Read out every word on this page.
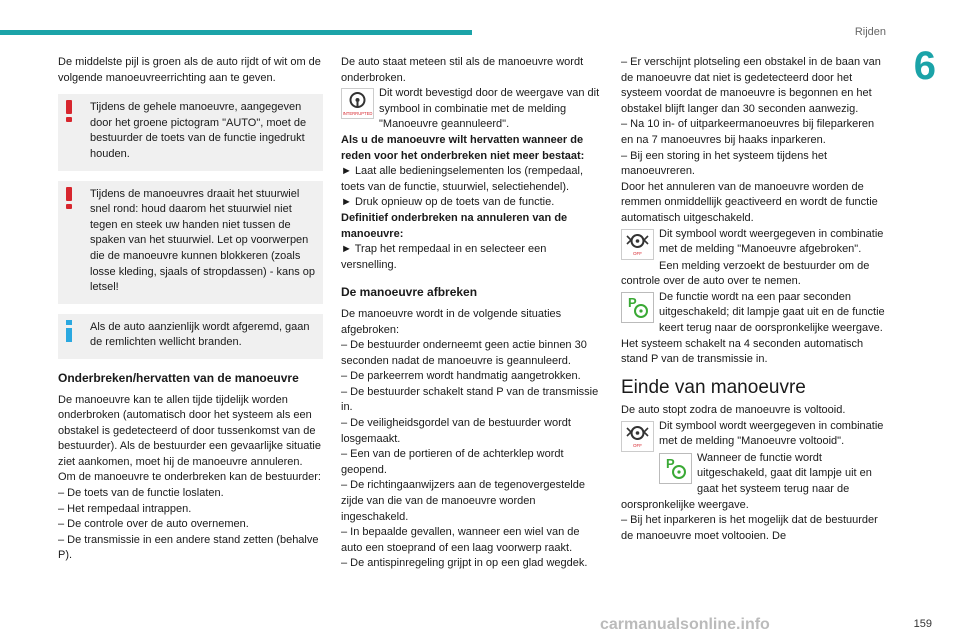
Rijden
6

De middelste pijl is groen als de auto rijdt of wit om de volgende manoeuvreerrichting aan te geven.

Tijdens de gehele manoeuvre, aangegeven door het groene pictogram "AUTO", moet de bestuurder de toets van de functie ingedrukt houden.
Tijdens de manoeuvres draait het stuurwiel snel rond: houd daarom het stuurwiel niet tegen en steek uw handen niet tussen de spaken van het stuurwiel. Let op voorwerpen die de manoeuvre kunnen blokkeren (zoals losse kleding, sjaals of stropdassen) - kans op letsel!
Als de auto aanzienlijk wordt afgeremd, gaan de remlichten wellicht branden.
Onderbreken/hervatten van de manoeuvre

De manoeuvre kan te allen tijde tijdelijk worden onderbroken (automatisch door het systeem als een obstakel is gedetecteerd of door tussenkomst van de bestuurder). Als de bestuurder een gevaarlijke situatie ziet aankomen, moet hij de manoeuvre annuleren.

Om de manoeuvre te onderbreken kan de bestuurder:

– De toets van de functie loslaten.

– Het rempedaal intrappen.

– De controle over de auto overnemen.

– De transmissie in een andere stand zetten (behalve P).

De auto staat meteen stil als de manoeuvre wordt onderbroken.

INTERRUPTED
Dit wordt bevestigd door de weergave van dit symbool in combinatie met de melding "Manoeuvre geannuleerd".

Als u de manoeuvre wilt hervatten wanneer de reden voor het onderbreken niet meer bestaat:

► Laat alle bedieningselementen los (rempedaal, toets van de functie, stuurwiel, selectiehendel).

► Druk opnieuw op de toets van de functie.

Definitief onderbreken na annuleren van de manoeuvre:

► Trap het rempedaal in en selecteer een versnelling.

De manoeuvre afbreken

De manoeuvre wordt in de volgende situaties afgebroken:

– De bestuurder onderneemt geen actie binnen 30 seconden nadat de manoeuvre is geannuleerd.

– De parkeerrem wordt handmatig aangetrokken.

– De bestuurder schakelt stand P van de transmissie in.

– De veiligheidsgordel van de bestuurder wordt losgemaakt.

– Een van de portieren of de achterklep wordt geopend.

– De richtingaanwijzers aan de tegenovergestelde zijde van die van de manoeuvre worden ingeschakeld.

– In bepaalde gevallen, wanneer een wiel van de auto een stoeprand of een laag voorwerp raakt.

– De antispinregeling grijpt in op een glad wegdek.

– Er verschijnt plotseling een obstakel in de baan van de manoeuvre dat niet is gedetecteerd door het systeem voordat de manoeuvre is begonnen en het obstakel blijft langer dan 30 seconden aanwezig.

– Na 10 in- of uitparkeermanoeuvres bij fileparkeren en na 7 manoeuvres bij haaks inparkeren.

– Bij een storing in het systeem tijdens het manoeuvreren.

Door het annuleren van de manoeuvre worden de remmen onmiddellijk geactiveerd en wordt de functie automatisch uitgeschakeld.

OFF
Dit symbool wordt weergegeven in combinatie met de melding "Manoeuvre afgebroken".

Een melding verzoekt de bestuurder om de controle over de auto over te nemen.

P De functie wordt na een paar seconden uitgeschakeld; dit lampje gaat uit en de functie keert terug naar de oorspronkelijke weergave.

Het systeem schakelt na 4 seconden automatisch stand P van de transmissie in.

Einde van manoeuvre

De auto stopt zodra de manoeuvre is voltooid.

OFF
Dit symbool wordt weergegeven in combinatie met de melding "Manoeuvre voltooid".
P Wanneer de functie wordt uitgeschakeld, gaat dit lampje uit en gaat het systeem terug naar de oorspronkelijke weergave.

– Bij het inparkeren is het mogelijk dat de bestuurder de manoeuvre moet voltooien. De

159
carmanualsonline.info
